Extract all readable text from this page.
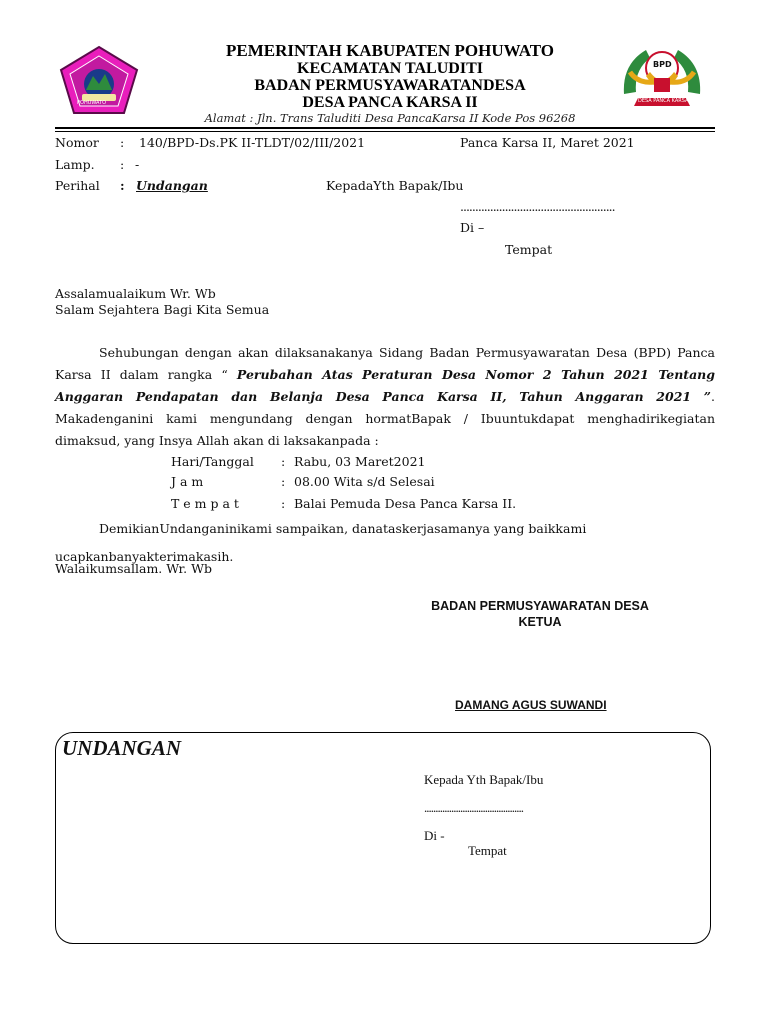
POHUWATO
PEMERINTAH KABUPATEN POHUWATO
KECAMATAN TALUDITI
BADAN PERMUSYAWARATANDESA
DESA PANCA KARSA II
Alamat : Jln. Trans Taluditi Desa PancaKarsa II Kode Pos 96268
BPD
DESA PANCA KARSA II
Nomor : 140/BPD-Ds.PK II-TLDT/02/III/2021	Panca Karsa II, Maret 2021
Lamp. : -
Perihal : Undangan	KepadaYth Bapak/Ibu
....................................................
Di –
Tempat
Assalamualaikum Wr. Wb
Salam Sejahtera Bagi Kita Semua
Sehubungan dengan akan dilaksanakanya Sidang Badan Permusyawaratan Desa (BPD) Panca Karsa II dalam rangka “ Perubahan Atas Peraturan Desa Nomor 2 Tahun 2021 Tentang Anggaran Pendapatan dan Belanja Desa Panca Karsa II, Tahun Anggaran 2021 ”. Makadenganini kami mengundang dengan hormatBapak / Ibuuntukdapat menghadirikegiatan dimaksud, yang Insya Allah akan di laksakanpada :
Hari/Tanggal : Rabu, 03 Maret2021
J a m	: 08.00 Wita s/d Selesai
T e m p a t	: Balai Pemuda Desa Panca Karsa II.
DemikianUndanganinikami sampaikan, danataskerjasamanya yang baikkami ucapkanbanyakterimakasih.
Walaikumsallam. Wr. Wb
BADAN PERMUSYAWARATAN DESA
KETUA
DAMANG AGUS SUWANDI
UNDANGAN
Kepada Yth Bapak/Ibu
............................................
Di -
Tempat
